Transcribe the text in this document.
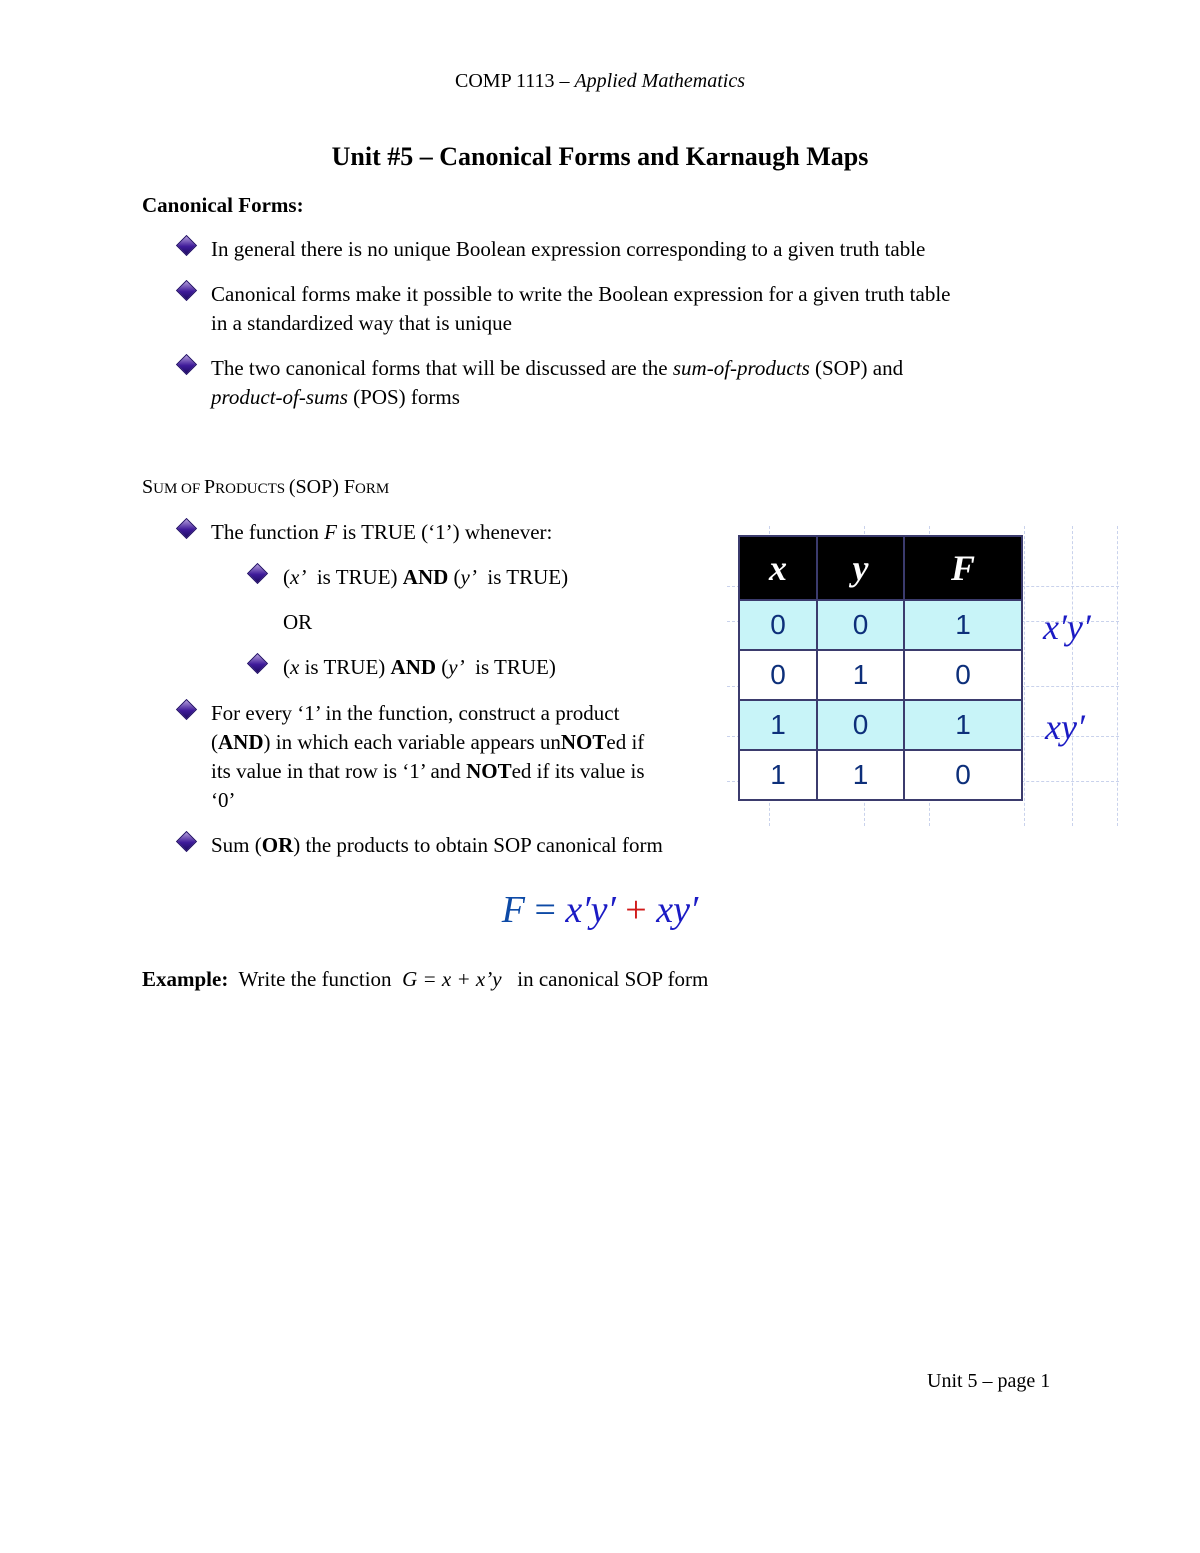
COMP 1113 – Applied Mathematics
Unit #5 – Canonical Forms and Karnaugh Maps
Canonical Forms:
In general there is no unique Boolean expression corresponding to a given truth table
Canonical forms make it possible to write the Boolean expression for a given truth table
in a standardized way that is unique
The two canonical forms that will be discussed are the sum-of-products (SOP) and
product-of-sums (POS) forms
SUM OF PRODUCTS (SOP) FORM
The function F is TRUE (‘1’) whenever:
(x’  is TRUE) AND (y’  is TRUE)
OR
(x is TRUE) AND (y’  is TRUE)
For every ‘1’ in the function, construct a product
(AND) in which each variable appears unNOTed if
its value in that row is ‘1’ and NOTed if its value is
‘0’
Sum (OR) the products to obtain SOP canonical form
x	y	F
0	0	1
0	1	0
1	0	1
1	1	0
x′y′
xy′
F = x′y′ + xy′
Example:  Write the function  G = x + x’y   in canonical SOP form
Unit 5 – page 1
